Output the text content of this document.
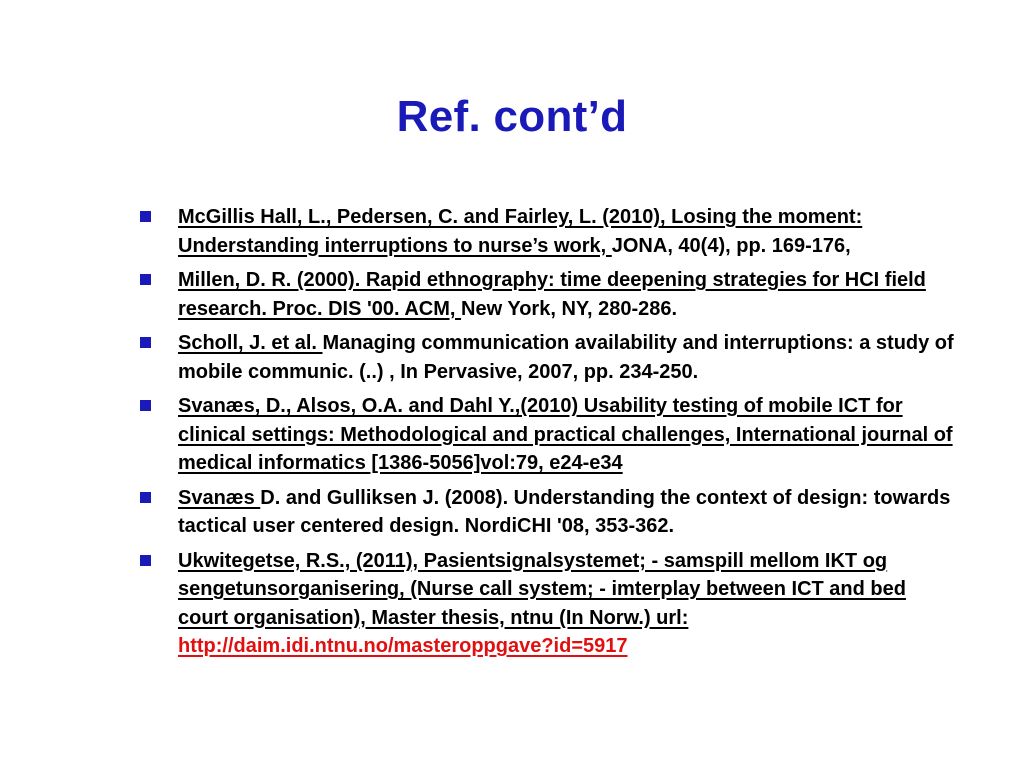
Ref. cont’d
McGillis Hall, L., Pedersen, C. and Fairley, L. (2010), Losing the moment: Understanding interruptions to nurse’s work, JONA, 40(4), pp. 169-176,
Millen, D. R. (2000). Rapid ethnography: time deepening strategies for HCI field research. Proc. DIS '00. ACM, New York, NY, 280-286.
Scholl, J. et al. Managing communication availability and interruptions: a study of mobile communic. (..) , In Pervasive, 2007, pp. 234-250.
Svanæs, D., Alsos, O.A. and Dahl Y.,(2010) Usability testing of mobile ICT for clinical settings: Methodological and practical challenges, International journal of medical informatics [1386-5056]vol:79, e24-e34
Svanæs D. and Gulliksen J. (2008). Understanding the context of design: towards tactical user centered design. NordiCHI '08, 353-362.
Ukwitegetse, R.S., (2011), Pasientsignalsystemet; - samspill mellom IKT og sengetunsorganisering, (Nurse call system; - imterplay between ICT and bed court organisation), Master thesis, ntnu (In Norw.) url: http://daim.idi.ntnu.no/masteroppgave?id=5917
